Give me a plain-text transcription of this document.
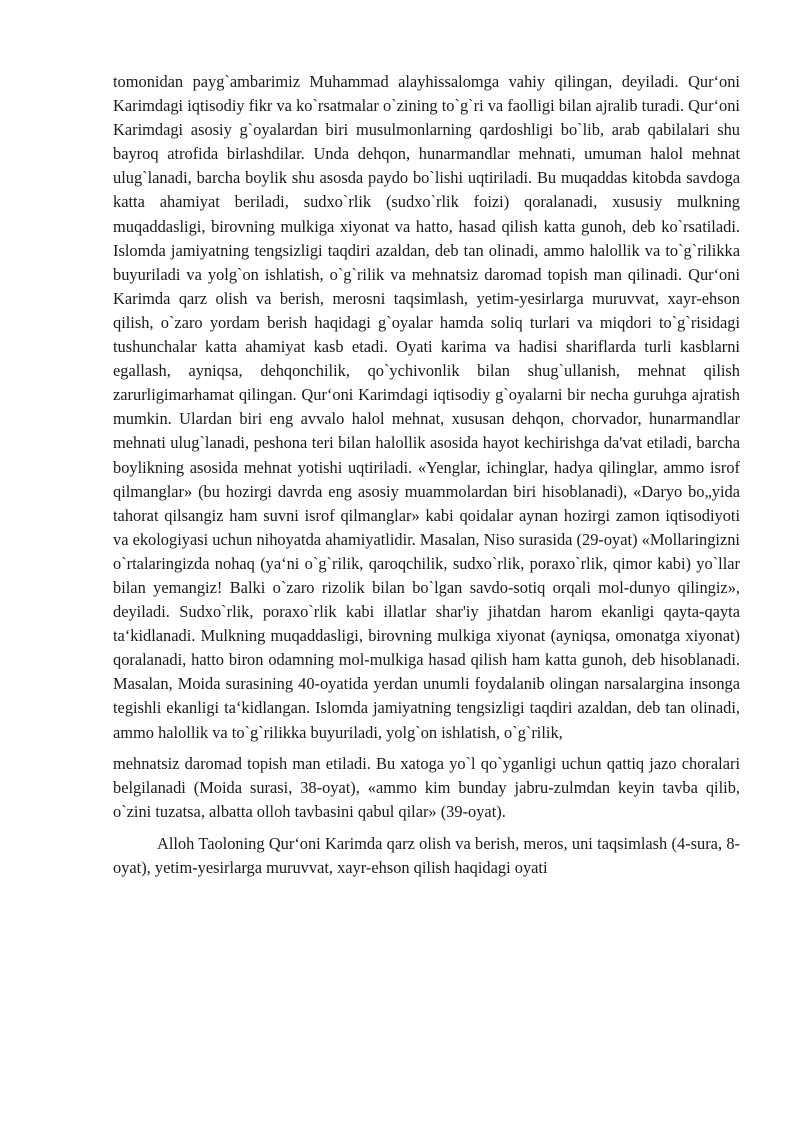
tomonidan payg`ambarimiz Muhammad alayhissalomga vahiy qilingan, deyiladi. Qur‘oni Karimdagi iqtisodiy fikr va ko`rsatmalar o`zining to`g`ri va faolligi bilan ajralib turadi. Qur‘oni Karimdagi asosiy g`oyalardan biri musulmonlarning qardoshligi bo`lib, arab qabilalari shu bayroq atrofida birlashdilar. Unda dehqon, hunarmandlar mehnati, umuman halol mehnat ulug`lanadi, barcha boylik shu asosda paydo bo`lishi uqtiriladi. Bu muqaddas kitobda savdoga katta ahamiyat beriladi, sudxo`rlik (sudxo`rlik foizi) qoralanadi, xususiy mulkning muqaddasligi, birovning mulkiga xiyonat va hatto, hasad qilish katta gunoh, deb ko`rsatiladi. Islomda jamiyatning tengsizligi taqdiri azaldan, deb tan olinadi, ammo halollik va to`g`rilikka buyuriladi va yolg`on ishlatish, o`g`rilik va mehnatsiz daromad topish man qilinadi. Qur‘oni Karimda qarz olish va berish, merosni taqsimlash, yetim-yesirlarga muruvvat, xayr-ehson qilish, o`zaro yordam berish haqidagi g`oyalar hamda soliq turlari va miqdori to`g`risidagi tushunchalar katta ahamiyat kasb etadi. Oyati karima va hadisi shariflarda turli kasblarni egallash, ayniqsa, dehqonchilik, qo`ychivonlik bilan shug`ullanish, mehnat qilish zarurligimarhamat qilingan. Qur‘oni Karimdagi iqtisodiy g`oyalarni bir necha guruhga ajratish mumkin. Ulardan biri eng avvalo halol mehnat, xususan dehqon, chorvador, hunarmandlar mehnati ulug`lanadi, peshona teri bilan halollik asosida hayot kechirishga da'vat etiladi, barcha boylikning asosida mehnat yotishi uqtiriladi. «Yenglar, ichinglar, hadya qilinglar, ammo isrof qilmanglar» (bu hozirgi davrda eng asosiy muammolardan biri hisoblanadi), «Daryo bo„yida tahorat qilsangiz ham suvni isrof qilmanglar» kabi qoidalar aynan hozirgi zamon iqtisodiyoti va ekologiyasi uchun nihoyatda ahamiyatlidir. Masalan, Niso surasida (29-oyat) «Mollaringizni o`rtalaringizda nohaq (ya‘ni o`g`rilik, qaroqchilik, sudxo`rlik, poraxo`rlik, qimor kabi) yo`llar bilan yemangiz! Balki o`zaro rizolik bilan bo`lgan savdo-sotiq orqali mol-dunyo qilingiz», deyiladi. Sudxo`rlik, poraxo`rlik kabi illatlar shar'iy jihatdan harom ekanligi qayta-qayta ta‘kidlanadi. Mulkning muqaddasligi, birovning mulkiga xiyonat (ayniqsa, omonatga xiyonat) qoralanadi, hatto biron odamning mol-mulkiga hasad qilish ham katta gunoh, deb hisoblanadi. Masalan, Moida surasining 40-oyatida yerdan unumli foydalanib olingan narsalargina insonga tegishli ekanligi ta‘kidlangan. Islomda jamiyatning tengsizligi taqdiri azaldan, deb tan olinadi, ammo halollik va to`g`rilikka buyuriladi, yolg`on ishlatish, o`g`rilik,

mehnatsiz daromad topish man etiladi. Bu xatoga yo`l qo`yganligi uchun qattiq jazo choralari belgilanadi (Moida surasi, 38-oyat), «ammo kim bunday jabru-zulmdan keyin tavba qilib, o`zini tuzatsa, albatta olloh tavbasini qabul qilar» (39-oyat).

Alloh Taoloning Qur‘oni Karimda qarz olish va berish, meros, uni taqsimlash (4-sura, 8-oyat), yetim-yesirlarga muruvvat, xayr-ehson qilish haqidagi oyati
